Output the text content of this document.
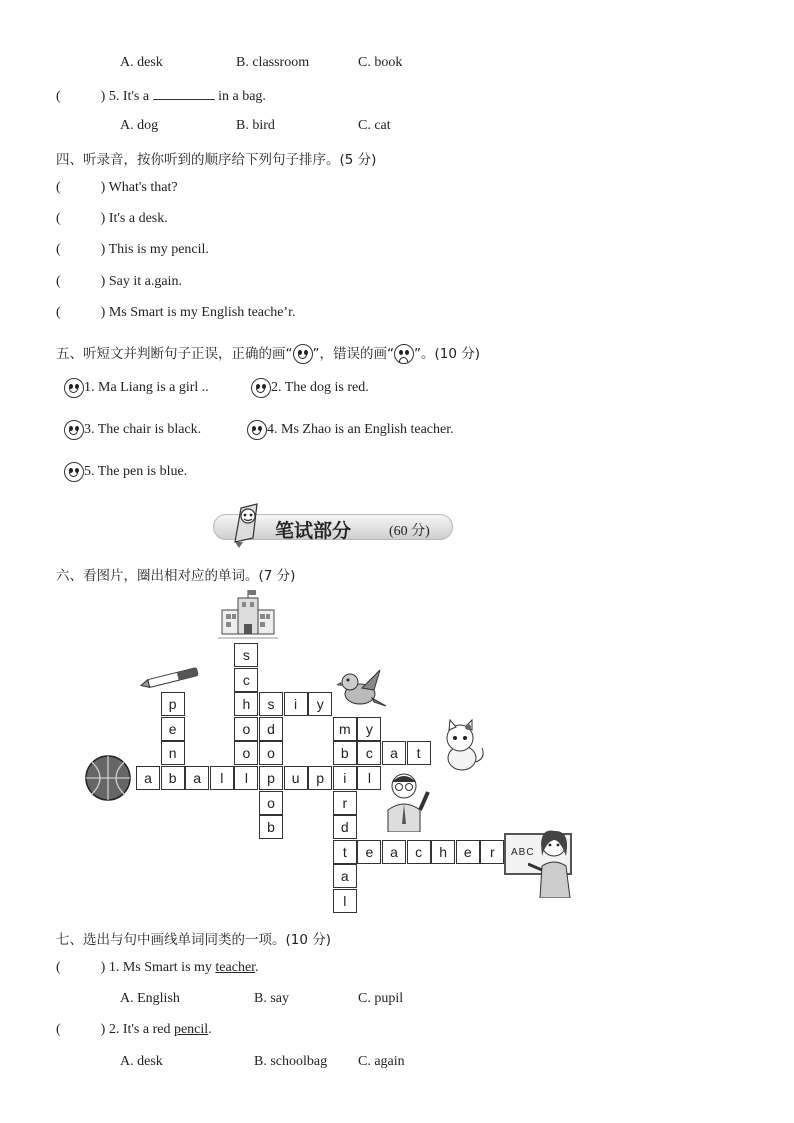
A. desk	B. classroom	C. book
(	) 5. It's a	in a bag.
A. dog	B. bird	C. cat
四、听录音，按你听到的顺序给下列句子排序。(5 分)
(	) What's that?
(	) It's a desk.
(	) This is my pencil.
(	) Say it a.gain.
(	) Ms Smart is my English teache’r.
五、听短文并判断句子正误，正确的画“ ”，错误的画“ ”。(10 分)
1. Ma Liang is a girl ..	2. The dog is red.
3. The chair is black.	4. Ms Zhao is an English teacher.
5. The pen is blue.
笔试部分	(60 分)
六、看图片，圈出相对应的单词。(7 分)
ABC
s
c
p	h	s	i	y
e	o	d	m	y
n	o	o	b	c	a	t
a	b	a	l	l	p	u	p	i	l
o	r
b	d
t	e	a	c	h	e	r
a
l
七、选出与句中画线单词同类的一项。(10 分)
(	) 1. Ms Smart is my teacher.
A. English	B. say	C. pupil
(	) 2. It's a red pencil.
A. desk	B. schoolbag C. again
